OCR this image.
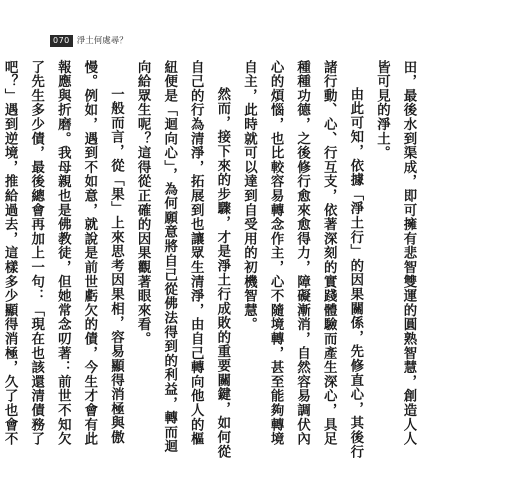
070 淨土何處尋？

田，最後水到渠成，即可擁有悲智雙運的圓熟智慧，創造人人皆可見的淨土。

由此可知，依據「淨土行」的因果關係，先修直心，其後行諸行動、心、行互支，依著深刻的實踐體驗而產生深心，具足種種功德，之後修行愈來愈得力，障礙漸消，自然容易調伏內心的煩惱，也比較容易轉念作主，心不隨境轉，甚至能夠轉境自主，此時就可以達到自受用的初機智慧。

然而，接下來的步驟，才是淨土行成敗的重要關鍵，如何從自己的行為清淨，拓展到也讓眾生清淨，由自己轉向他人的樞紐便是「迴向心」，為何願意將自己從佛法得到的利益，轉而迴向給眾生呢？這得從正確的因果觀著眼來看。

一般而言，從「果」上來思考因果相，容易顯得消極與傲慢。例如，遇到不如意，就說是前世虧欠的債，今生才會有此報應與折磨。我母親也是佛教徒，但她常念叨著：前世不知欠了先生多少債，最後總會再加上一句：「現在也該還清債務了吧？」遇到逆境，推給過去，這樣多少顯得消極，久了也會不
